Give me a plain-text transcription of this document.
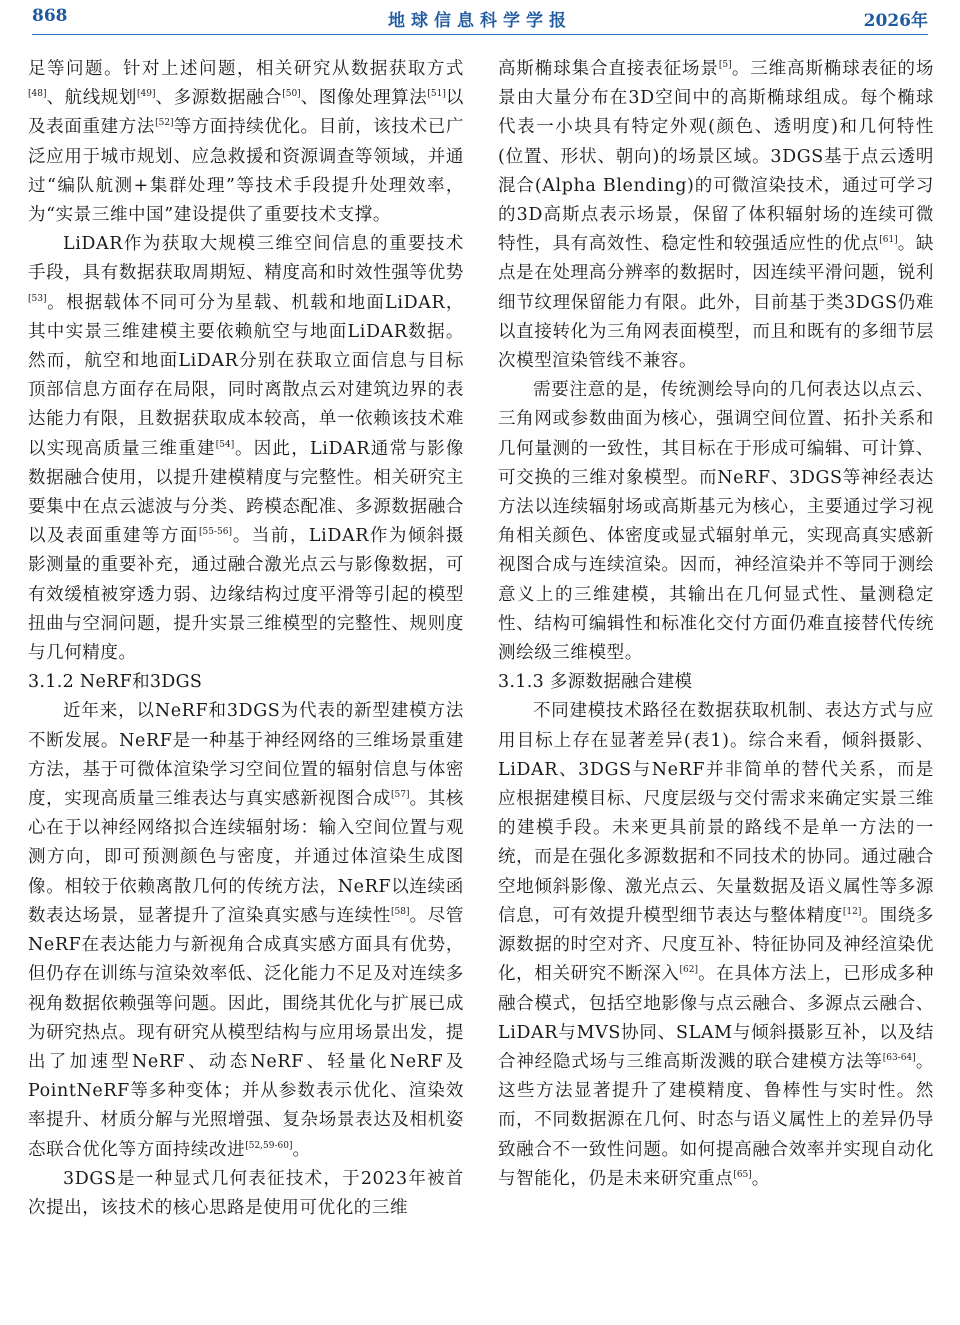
868	地球信息科学学报	2026年

足等问题。针对上述问题，相关研究从数据获取方式[48]、航线规划[49]、多源数据融合[50]、图像处理算法[51]以及表面重建方法[52]等方面持续优化。目前，该技术已广泛应用于城市规划、应急救援和资源调查等领域，并通过“编队航测+集群处理”等技术手段提升处理效率，为“实景三维中国”建设提供了重要技术支撑。

LiDAR作为获取大规模三维空间信息的重要技术手段，具有数据获取周期短、精度高和时效性强等优势[53]。根据载体不同可分为星载、机载和地面LiDAR，其中实景三维建模主要依赖航空与地面LiDAR数据。然而，航空和地面LiDAR分别在获取立面信息与目标顶部信息方面存在局限，同时离散点云对建筑边界的表达能力有限，且数据获取成本较高，单一依赖该技术难以实现高质量三维重建[54]。因此，LiDAR通常与影像数据融合使用，以提升建模精度与完整性。相关研究主要集中在点云滤波与分类、跨模态配准、多源数据融合以及表面重建等方面[55-56]。当前，LiDAR作为倾斜摄影测量的重要补充，通过融合激光点云与影像数据，可有效缓植被穿透力弱、边缘结构过度平滑等引起的模型扭曲与空洞问题，提升实景三维模型的完整性、规则度与几何精度。

3.1.2 NeRF和3DGS

近年来，以NeRF和3DGS为代表的新型建模方法不断发展。NeRF是一种基于神经网络的三维场景重建方法，基于可微体渲染学习空间位置的辐射信息与体密度，实现高质量三维表达与真实感新视图合成[57]。其核心在于以神经网络拟合连续辐射场：输入空间位置与观测方向，即可预测颜色与密度，并通过体渲染生成图像。相较于依赖离散几何的传统方法，NeRF以连续函数表达场景，显著提升了渲染真实感与连续性[58]。尽管NeRF在表达能力与新视角合成真实感方面具有优势，但仍存在训练与渲染效率低、泛化能力不足及对连续多视角数据依赖强等问题。因此，围绕其优化与扩展已成为研究热点。现有研究从模型结构与应用场景出发，提出了加速型NeRF、动态NeRF、轻量化NeRF及PointNeRF等多种变体；并从参数表示优化、渲染效率提升、材质分解与光照增强、复杂场景表达及相机姿态联合优化等方面持续改进[52,59-60]。

3DGS是一种显式几何表征技术，于2023年被首次提出，该技术的核心思路是使用可优化的三维

高斯椭球集合直接表征场景[5]。三维高斯椭球表征的场景由大量分布在3D空间中的高斯椭球组成。每个椭球代表一小块具有特定外观(颜色、透明度)和几何特性(位置、形状、朝向)的场景区域。3DGS基于点云透明混合(Alpha Blending)的可微渲染技术，通过可学习的3D高斯点表示场景，保留了体积辐射场的连续可微特性，具有高效性、稳定性和较强适应性的优点[61]。缺点是在处理高分辨率的数据时，因连续平滑问题，锐利细节纹理保留能力有限。此外，目前基于类3DGS仍难以直接转化为三角网表面模型，而且和既有的多细节层次模型渲染管线不兼容。

需要注意的是，传统测绘导向的几何表达以点云、三角网或参数曲面为核心，强调空间位置、拓扑关系和几何量测的一致性，其目标在于形成可编辑、可计算、可交换的三维对象模型。而NeRF、3DGS等神经表达方法以连续辐射场或高斯基元为核心，主要通过学习视角相关颜色、体密度或显式辐射单元，实现高真实感新视图合成与连续渲染。因而，神经渲染并不等同于测绘意义上的三维建模，其输出在几何显式性、量测稳定性、结构可编辑性和标准化交付方面仍难直接替代传统测绘级三维模型。

3.1.3 多源数据融合建模

不同建模技术路径在数据获取机制、表达方式与应用目标上存在显著差异(表1)。综合来看，倾斜摄影、LiDAR、3DGS与NeRF并非简单的替代关系，而是应根据建模目标、尺度层级与交付需求来确定实景三维的建模手段。未来更具前景的路线不是单一方法的一统，而是在强化多源数据和不同技术的协同。通过融合空地倾斜影像、激光点云、矢量数据及语义属性等多源信息，可有效提升模型细节表达与整体精度[12]。围绕多源数据的时空对齐、尺度互补、特征协同及神经渲染优化，相关研究不断深入[62]。在具体方法上，已形成多种融合模式，包括空地影像与点云融合、多源点云融合、LiDAR与MVS协同、SLAM与倾斜摄影互补，以及结合神经隐式场与三维高斯泼溅的联合建模方法等[63-64]。这些方法显著提升了建模精度、鲁棒性与实时性。然而，不同数据源在几何、时态与语义属性上的差异仍导致融合不一致性问题。如何提高融合效率并实现自动化与智能化，仍是未来研究重点[65]。
